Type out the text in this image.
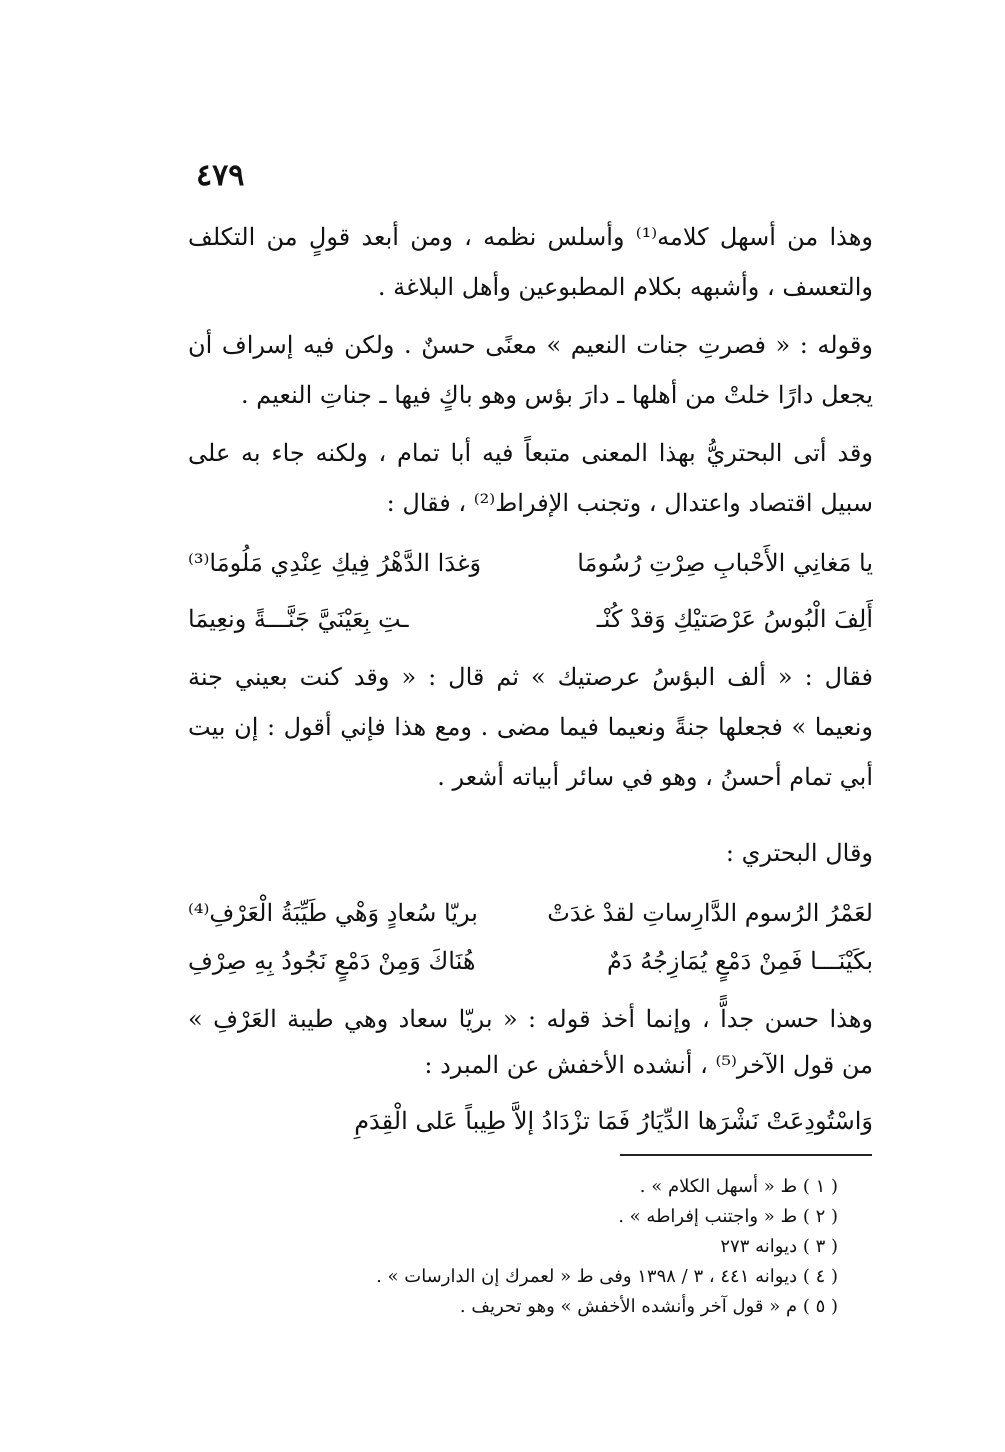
٤٧٩

وهذا من أسهل كلامه⁽¹⁾ وأسلس نظمه ، ومن أبعد قولٍ من التكلف والتعسف ، وأشبهه بكلام المطبوعين وأهل البلاغة .

وقوله : « فصرتِ جنات النعيم » معنًى حسنٌ . ولكن فيه إسراف أن يجعل دارًا خلتْ من أهلها ـ دارَ بؤس وهو باكٍ فيها ـ جناتِ النعيم .

وقد أتى البحتريُّ بهذا المعنى متبعاً فيه أبا تمام ، ولكنه جاء به على سبيل اقتصاد واعتدال ، وتجنب الإفراط⁽²⁾ ، فقال :

يا مَغانِي الأَحْبابِ صِرْتِ رُسُومَا
وَغدَا الدَّهْرُ فِيكِ عِنْدِي مَلُومَا⁽³⁾
أَلِفَ الْبُوسُ عَرْصَتيْكِ وَقدْ كُنْـ
ـتِ بِعَيْنَيَّ جَنَّـــةً ونعِيمَا

فقال : « ألف البؤسُ عرصتيك » ثم قال : « وقد كنت بعيني جنة ونعيما » فجعلها جنةً ونعيما فيما مضى . ومع هذا فإني أقول : إن بيت أبي تمام أحسنُ ، وهو في سائر أبياته أشعر .

وقال البحتري :

لعَمْرُ الرُسوم الدَّارِساتِ لقدْ غدَتْ
بريّا سُعادٍ وَهْي طَيِّبَةُ الْعَرْفِ⁽⁴⁾
بكَيْنَـــا فَمِنْ دَمْعٍ يُمَازِجُهُ دَمٌ
هُنَاكَ وَمِنْ دَمْعٍ نَجُودُ بِهِ صِرْفِ

وهذا حسن جداًّ ، وإنما أخذ قوله : « بريّا سعاد وهي طيبة العَرْفِ » من قول الآخر⁽⁵⁾ ، أنشده الأخفش عن المبرد :

وَاسْتُودِعَتْ نَشْرَها الدِّيَارُ فَمَا تزْدَادُ إلاَّ طِيباً عَلى الْقِدَمِ
( ١ ) ط « أسهل الكلام » .
( ٢ ) ط « واجتنب إفراطه » .
( ٣ ) ديوانه ٢٧٣
( ٤ ) ديوانه ٤٤١ ، ٣ / ١٣٩٨ وفى ط « لعمرك إن الدارسات » .
( ٥ ) م « قول آخر وأنشده الأخفش » وهو تحريف .
